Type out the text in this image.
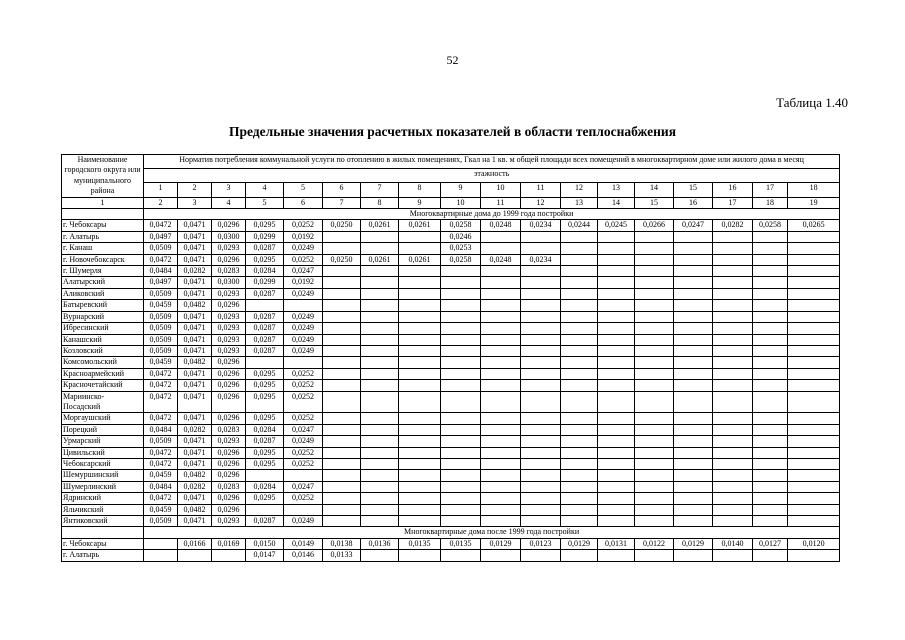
52
Таблица 1.40
Предельные значения расчетных показателей в области теплоснабжения
Наименование городского округа или муниципального района	Норматив потребления коммунальной услуги по отоплению в жилых помещениях, Гкал на 1 кв. м общей площади всех помещений в многоквартирном доме или жилого дома в месяц																	
	этажность																	
	1	2	3	4	5	6	7	8	9	10	11	12	13	14	15	16	17	18
1	2	3	4	5	6	7	8	9	10	11	12	13	14	15	16	17	18	19
	Многоквартирные дома до 1999 года постройки																	
г. Чебоксары	0,0472	0,0471	0,0296	0,0295	0,0252	0,0250	0,0261	0,0261	0,0258	0,0248	0,0234	0,0244	0,0245	0,0266	0,0247	0,0282	0,0258	0,0265
г. Алатырь	0,0497	0,0471	0,0300	0,0299	0,0192				0,0246									
г. Канаш	0,0509	0,0471	0,0293	0,0287	0,0249				0,0253									
г. Новочебоксарск	0,0472	0,0471	0,0296	0,0295	0,0252	0,0250	0,0261	0,0261	0,0258	0,0248	0,0234							
г. Шумерля	0,0484	0,0282	0,0283	0,0284	0,0247													
Алатырский	0,0497	0,0471	0,0300	0,0299	0,0192													
Аликовский	0,0509	0,0471	0,0293	0,0287	0,0249													
Батыревский	0,0459	0,0482	0,0296															
Вурнарский	0,0509	0,0471	0,0293	0,0287	0,0249													
Ибресинский	0,0509	0,0471	0,0293	0,0287	0,0249													
Канашский	0,0509	0,0471	0,0293	0,0287	0,0249													
Козловский	0,0509	0,0471	0,0293	0,0287	0,0249													
Комсомольский	0,0459	0,0482	0,0296															
Красноармейский	0,0472	0,0471	0,0296	0,0295	0,0252													
Красночетайский	0,0472	0,0471	0,0296	0,0295	0,0252													
Мариинско-Посадский	0,0472	0,0471	0,0296	0,0295	0,0252													
Моргаушский	0,0472	0,0471	0,0296	0,0295	0,0252													
Порецкий	0,0484	0,0282	0,0283	0,0284	0,0247													
Урмарский	0,0509	0,0471	0,0293	0,0287	0,0249													
Цивильский	0,0472	0,0471	0,0296	0,0295	0,0252													
Чебоксарский	0,0472	0,0471	0,0296	0,0295	0,0252													
Шемуршинский	0,0459	0,0482	0,0296															
Шумерлинский	0,0484	0,0282	0,0283	0,0284	0,0247													
Ядринский	0,0472	0,0471	0,0296	0,0295	0,0252													
Яльчикский	0,0459	0,0482	0,0296															
Янтиковский	0,0509	0,0471	0,0293	0,0287	0,0249													
	Многоквартирные дома после 1999 года постройки																	
г. Чебоксары		0,0166	0,0169	0,0150	0,0149	0,0138	0,0136	0,0135	0,0135	0,0129	0,0123	0,0129	0,0131	0,0122	0,0129	0,0140	0,0127	0,0120
г. Алатырь				0,0147	0,0146	0,0133												
